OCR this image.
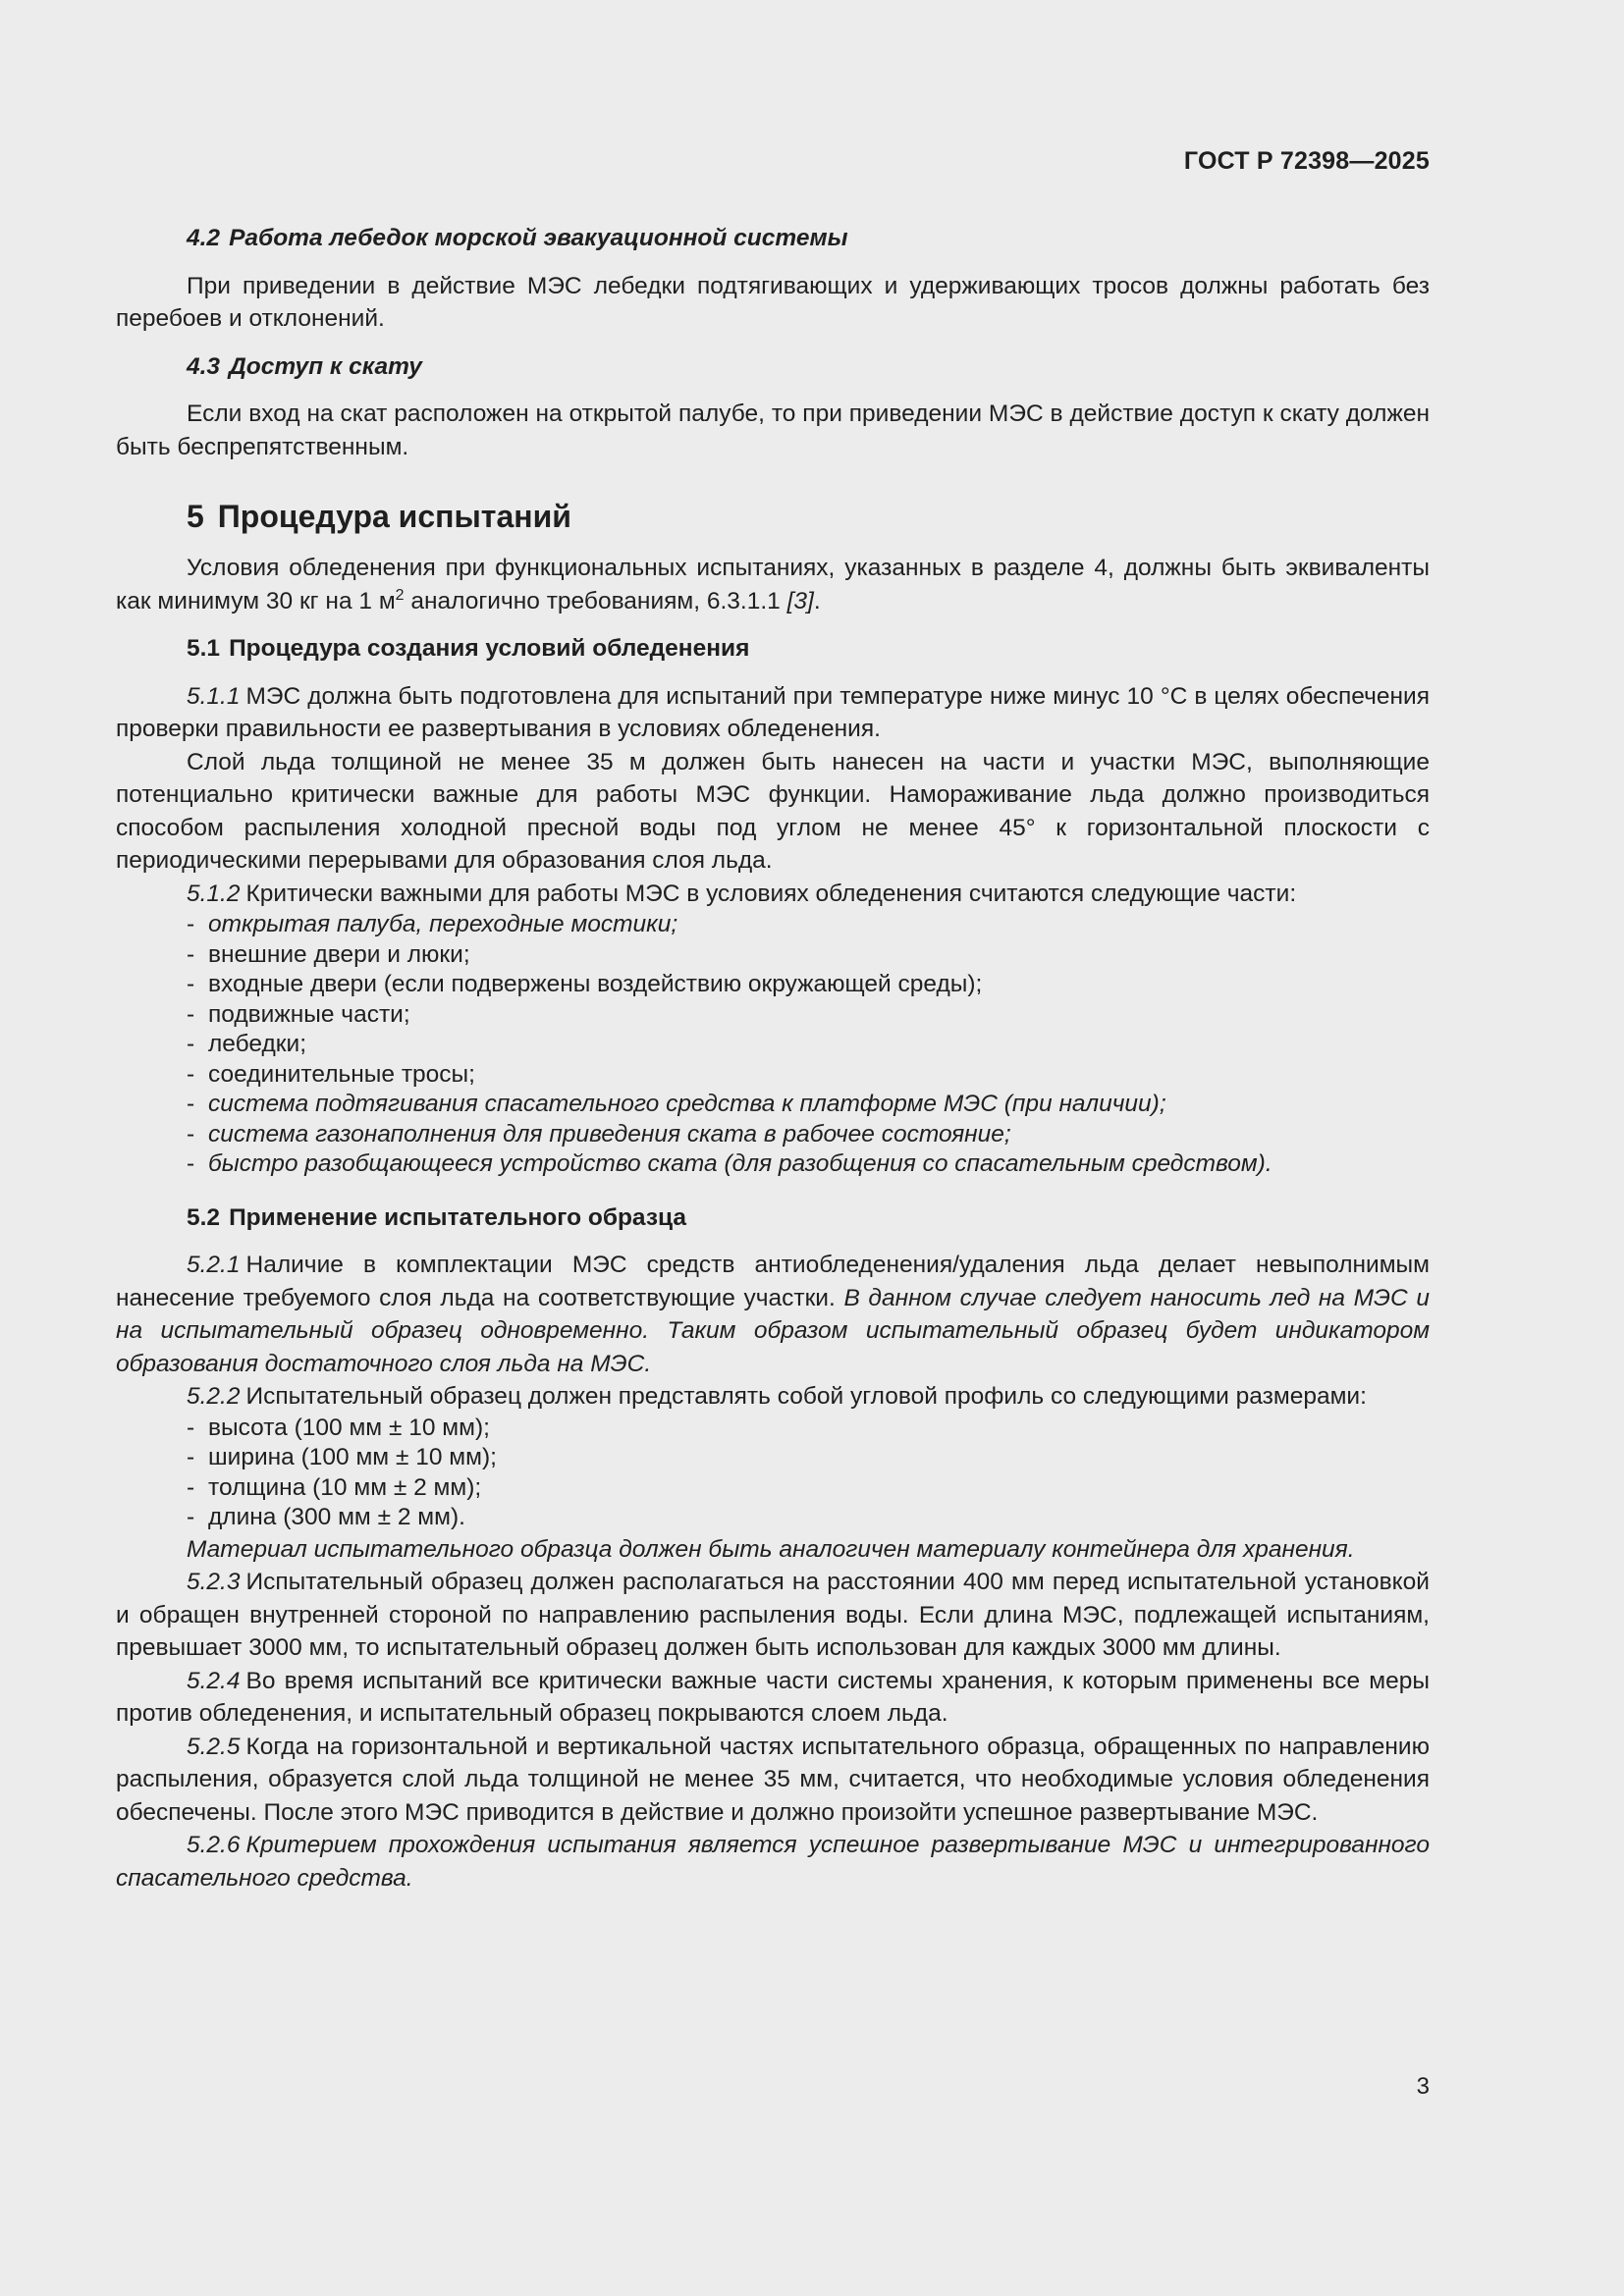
ГОСТ Р 72398—2025
4.2 Работа лебедок морской эвакуационной системы

При приведении в действие МЭС лебедки подтягивающих и удерживающих тросов должны работать без перебоев и отклонений.

4.3 Доступ к скату

Если вход на скат расположен на открытой палубе, то при приведении МЭС в действие доступ к скату должен быть беспрепятственным.

5 Процедура испытаний

Условия обледенения при функциональных испытаниях, указанных в разделе 4, должны быть эквиваленты как минимум 30 кг на 1 $м^2$ аналогично требованиям, 6.3.1.1 [3].

5.1 Процедура создания условий обледенения

5.1.1 МЭС должна быть подготовлена для испытаний при температуре ниже минус 10 °С в целях обеспечения проверки правильности ее развертывания в условиях обледенения.

Слой льда толщиной не менее 35 м должен быть нанесен на части и участки МЭС, выполняющие потенциально критически важные для работы МЭС функции. Намораживание льда должно производиться способом распыления холодной пресной воды под углом не менее 45° к горизонтальной плоскости с периодическими перерывами для образования слоя льда.

5.1.2 Критически важными для работы МЭС в условиях обледенения считаются следующие части:

- открытая палуба, переходные мостики;
- внешние двери и люки;
- входные двери (если подвержены воздействию окружающей среды);
- подвижные части;
- лебедки;
- соединительные тросы;
- система подтягивания спасательного средства к платформе МЭС (при наличии);
- система газонаполнения для приведения ската в рабочее состояние;
- быстро разобщающееся устройство ската (для разобщения со спасательным средством).
5.2 Применение испытательного образца

5.2.1 Наличие в комплектации МЭС средств антиобледенения/удаления льда делает невыполнимым нанесение требуемого слоя льда на соответствующие участки. В данном случае следует наносить лед на МЭС и на испытательный образец одновременно. Таким образом испытательный образец будет индикатором образования достаточного слоя льда на МЭС.

5.2.2 Испытательный образец должен представлять собой угловой профиль со следующими размерами:

- высота (100 мм ± 10 мм);
- ширина (100 мм ± 10 мм);
- толщина (10 мм ± 2 мм);
- длина (300 мм ± 2 мм).

Материал испытательного образца должен быть аналогичен материалу контейнера для хранения.

5.2.3 Испытательный образец должен располагаться на расстоянии 400 мм перед испытательной установкой и обращен внутренней стороной по направлению распыления воды. Если длина МЭС, подлежащей испытаниям, превышает 3000 мм, то испытательный образец должен быть использован для каждых 3000 мм длины.

5.2.4 Во время испытаний все критически важные части системы хранения, к которым применены все меры против обледенения, и испытательный образец покрываются слоем льда.

5.2.5 Когда на горизонтальной и вертикальной частях испытательного образца, обращенных по направлению распыления, образуется слой льда толщиной не менее 35 мм, считается, что необходимые условия обледенения обеспечены. После этого МЭС приводится в действие и должно произойти успешное развертывание МЭС.

5.2.6 Критерием прохождения испытания является успешное развертывание МЭС и интегрированного спасательного средства.

3
